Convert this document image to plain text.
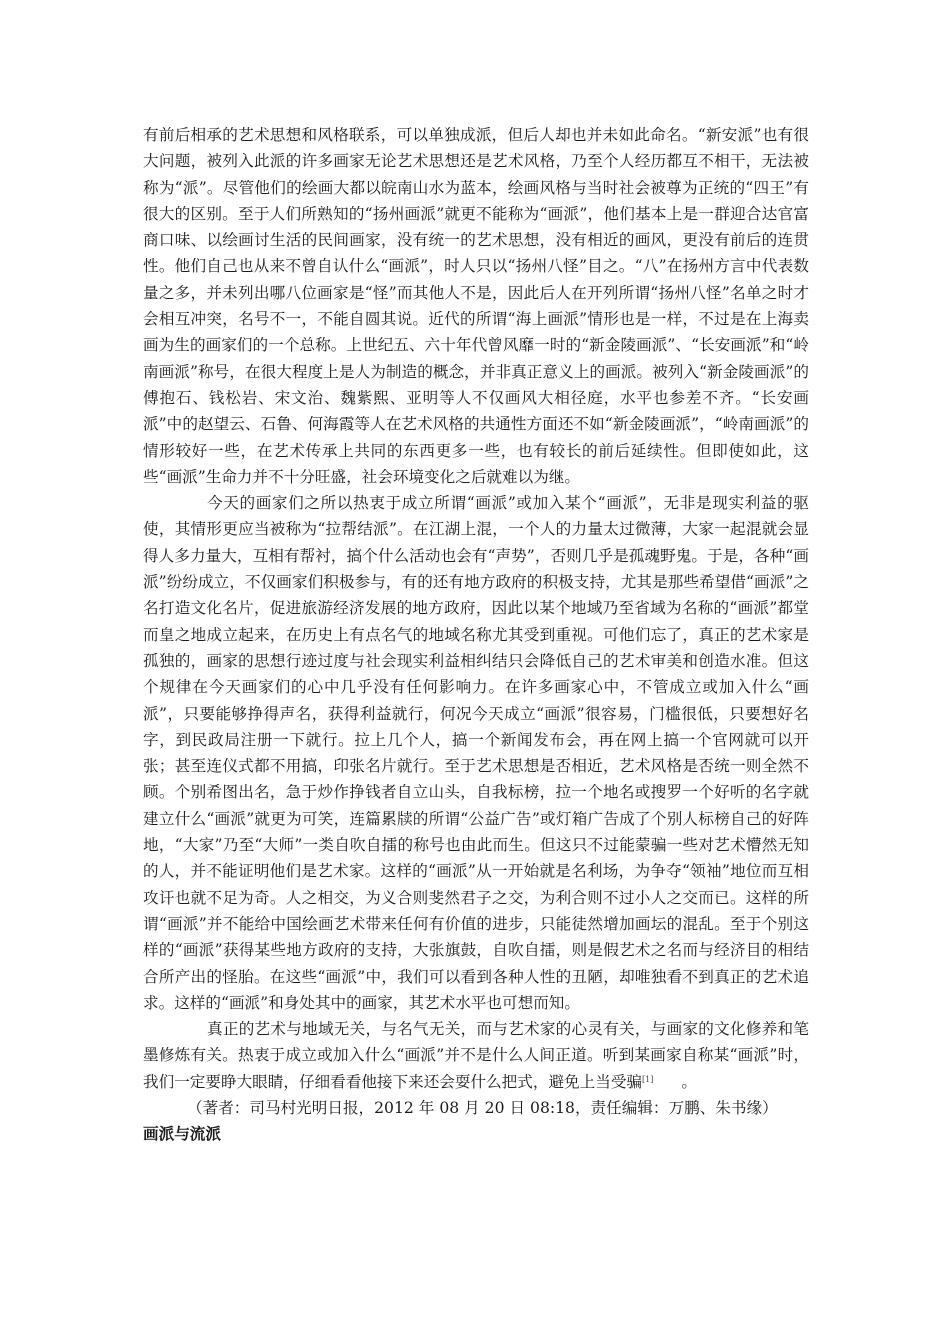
有前后相承的艺术思想和风格联系，可以单独成派，但后人却也并未如此命名。“新安派”也有很大问题，被列入此派的许多画家无论艺术思想还是艺术风格，乃至个人经历都互不相干，无法被称为“派”。尽管他们的绘画大都以皖南山水为蓝本，绘画风格与当时社会被尊为正统的“四王”有很大的区别。至于人们所熟知的“扬州画派”就更不能称为“画派”，他们基本上是一群迎合达官富商口味、以绘画讨生活的民间画家，没有统一的艺术思想，没有相近的画风，更没有前后的连贯性。他们自己也从来不曾自认什么“画派”，时人只以“扬州八怪”目之。“八”在扬州方言中代表数量之多，并未列出哪八位画家是“怪”而其他人不是，因此后人在开列所谓“扬州八怪”名单之时才会相互冲突，名号不一，不能自圆其说。近代的所谓“海上画派”情形也是一样，不过是在上海卖画为生的画家们的一个总称。上世纪五、六十年代曾风靡一时的“新金陵画派”、“长安画派”和“岭南画派”称号，在很大程度上是人为制造的概念，并非真正意义上的画派。被列入“新金陵画派”的傅抱石、钱松岩、宋文治、魏紫熙、亚明等人不仅画风大相径庭，水平也参差不齐。“长安画派”中的赵望云、石鲁、何海霞等人在艺术风格的共通性方面还不如“新金陵画派”，“岭南画派”的情形较好一些，在艺术传承上共同的东西更多一些，也有较长的前后延续性。但即使如此，这些“画派”生命力并不十分旺盛，社会环境变化之后就难以为继。

今天的画家们之所以热衷于成立所谓“画派”或加入某个“画派”，无非是现实利益的驱使，其情形更应当被称为“拉帮结派”。在江湖上混，一个人的力量太过微薄，大家一起混就会显得人多力量大，互相有帮衬，搞个什么活动也会有“声势”，否则几乎是孤魂野鬼。于是，各种“画派”纷纷成立，不仅画家们积极参与，有的还有地方政府的积极支持，尤其是那些希望借“画派”之名打造文化名片，促进旅游经济发展的地方政府，因此以某个地域乃至省域为名称的“画派”都堂而皇之地成立起来，在历史上有点名气的地域名称尤其受到重视。可他们忘了，真正的艺术家是孤独的，画家的思想行迹过度与社会现实利益相纠结只会降低自己的艺术审美和创造水准。但这个规律在今天画家们的心中几乎没有任何影响力。在许多画家心中，不管成立或加入什么“画派”，只要能够挣得声名，获得利益就行，何况今天成立“画派”很容易，门槛很低，只要想好名字，到民政局注册一下就行。拉上几个人，搞一个新闻发布会，再在网上搞一个官网就可以开张；甚至连仪式都不用搞，印张名片就行。至于艺术思想是否相近，艺术风格是否统一则全然不顾。个别希图出名，急于炒作挣钱者自立山头，自我标榜，拉一个地名或搜罗一个好听的名字就建立什么“画派”就更为可笑，连篇累牍的所谓“公益广告”或灯箱广告成了个别人标榜自己的好阵地，“大家”乃至“大师”一类自吹自擂的称号也由此而生。但这只不过能蒙骗一些对艺术懵然无知的人，并不能证明他们是艺术家。这样的“画派”从一开始就是名利场，为争夺“领袖”地位而互相攻讦也就不足为奇。人之相交，为义合则斐然君子之交，为利合则不过小人之交而已。这样的所谓“画派”并不能给中国绘画艺术带来任何有价值的进步，只能徒然增加画坛的混乱。至于个别这样的“画派”获得某些地方政府的支持，大张旗鼓，自吹自擂，则是假艺术之名而与经济目的相结合所产出的怪胎。在这些“画派”中，我们可以看到各种人性的丑陋，却唯独看不到真正的艺术追求。这样的“画派”和身处其中的画家，其艺术水平也可想而知。

真正的艺术与地域无关，与名气无关，而与艺术家的心灵有关，与画家的文化修养和笔墨修炼有关。热衷于成立或加入什么“画派”并不是什么人间正道。听到某画家自称某“画派”时，我们一定要睁大眼睛，仔细看看他接下来还会耍什么把式，避免上当受骗[1] 。

（著者：司马村光明日报，2012 年 08 月 20 日 08:18，责任编辑：万鹏、朱书缘）

画派与流派
